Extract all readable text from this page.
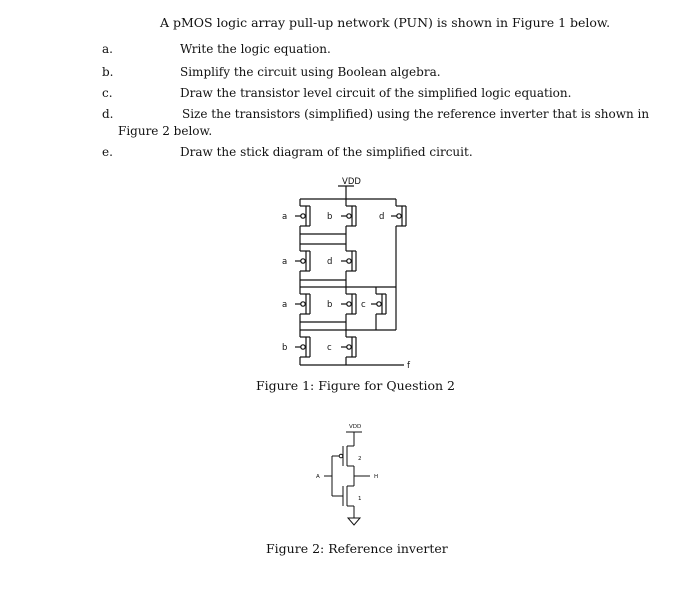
A pMOS logic array pull-up network (PUN) is shown in Figure 1 below.
a.	Write the logic equation.
b.	Simplify the circuit using Boolean algebra.
c.	Draw the transistor level circuit of the simplified logic equation.
d.	Size the transistors (simplified) using the reference inverter that is shown in
Figure 2 below.
e.	Draw the stick diagram of the simplified circuit.
VDD
a	b	d
a	d
a	b	c
b	c
f
Figure 1: Figure for Question 2
VDD
A	H
2
1
Figure 2: Reference inverter
